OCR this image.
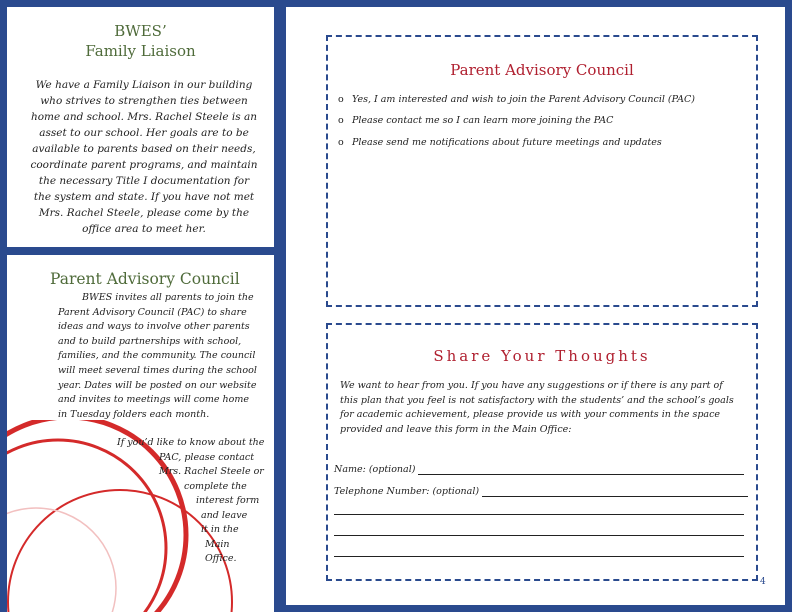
BWES’
Family Liaison
We have a Family Liaison in our building who strives to strengthen ties between home and school. Mrs. Rachel Steele is an asset to our school. Her goals are to be available to parents based on their needs, coordinate parent programs, and maintain the necessary Title I documentation for the system and state. If you have not met Mrs. Rachel Steele, please come by the office area to meet her.
Parent Advisory Council
BWES invites all parents to join the Parent Advisory Council (PAC) to share ideas and ways to involve other parents and to build partnerships with school, families, and the community. The council will meet several times during the school year. Dates will be posted on our website and invites to meetings will come home in Tuesday folders each month.
If you’d like to know about the
PAC, please contact
Mrs. Rachel Steele or
complete the
interest form
and leave
it in the
Main
Office.
Parent Advisory Council
o Yes, I am interested and wish to join the Parent Advisory Council (PAC)
o Please contact me so I can learn more joining the PAC
o Please send me notifications about future meetings and updates
Share Your Thoughts
We want to hear from you. If you have any suggestions or if there is any part of this plan that you feel is not satisfactory with the students’ and the school’s goals for academic achievement, please provide us with your comments in the space provided and leave this form in the Main Office:
Name: (optional)
Telephone Number: (optional)
4
